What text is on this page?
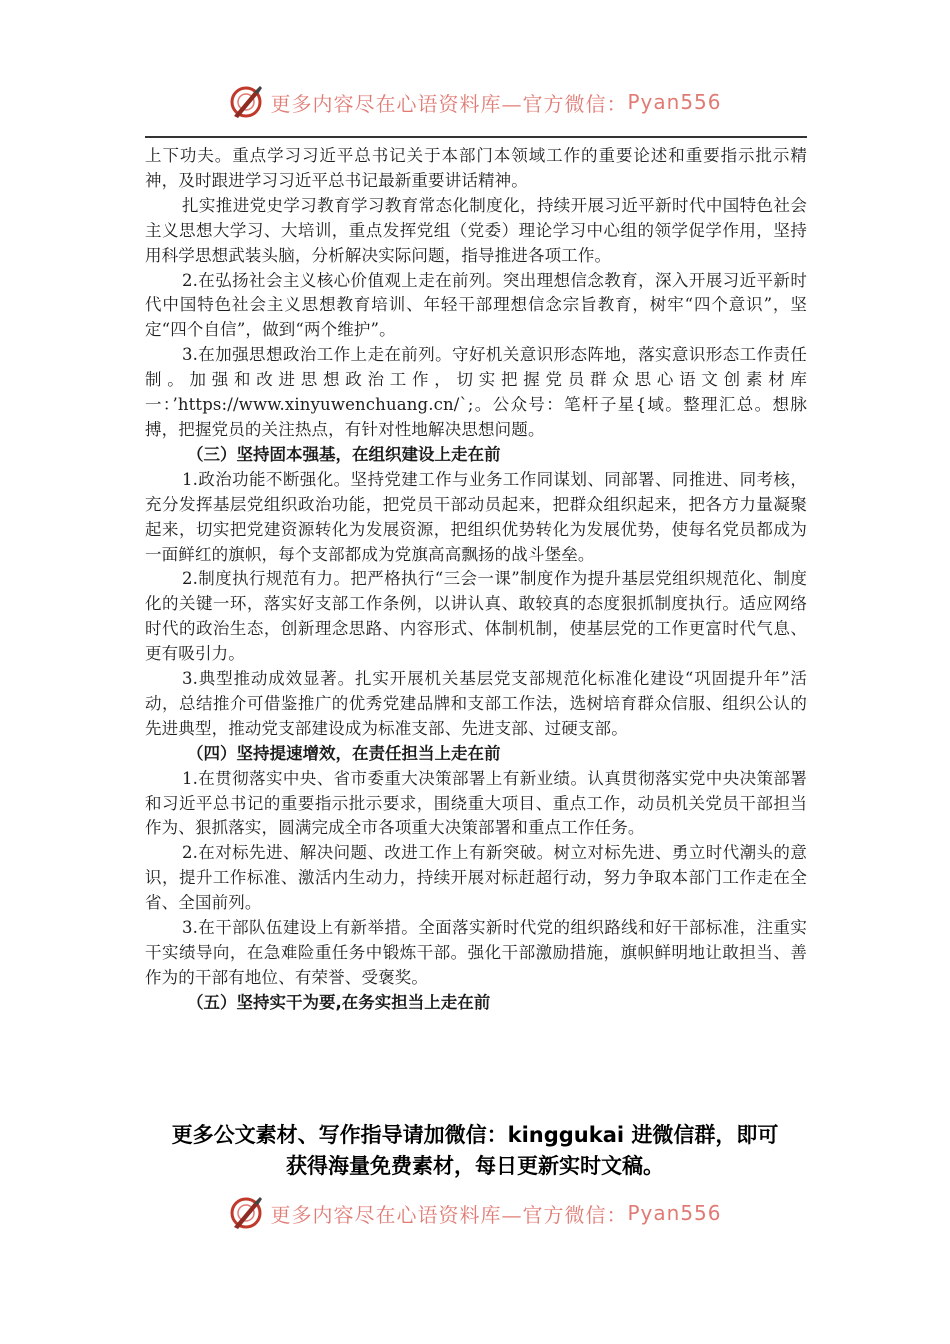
更多内容尽在心语资料库—官方微信： Pyan556

上下功夫。重点学习习近平总书记关于本部门本领域工作的重要论述和重要指示批示精神，及时跟进学习习近平总书记最新重要讲话精神。

扎实推进党史学习教育学习教育常态化制度化，持续开展习近平新时代中国特色社会主义思想大学习、大培训，重点发挥党组（党委）理论学习中心组的领学促学作用，坚持用科学思想武装头脑，分析解决实际问题，指导推进各项工作。

2.在弘扬社会主义核心价值观上走在前列。突出理想信念教育，深入开展习近平新时代中国特色社会主义思想教育培训、年轻干部理想信念宗旨教育，树牢“四个意识”，坚定“四个自信”，做到“两个维护”。

3.在加强思想政治工作上走在前列。守好机关意识形态阵地，落实意识形态工作责任制。加强和改进思想政治工作，切实把握党员群众思心语文创素材库一：’https://www.xinyuwenchuang.cn/`;。公众号：笔杆子星{域。整理汇总。想脉搏，把握党员的关注热点，有针对性地解决思想问题。

（三）坚持固本强基，在组织建设上走在前

1.政治功能不断强化。坚持党建工作与业务工作同谋划、同部署、同推进、同考核，充分发挥基层党组织政治功能，把党员干部动员起来，把群众组织起来，把各方力量凝聚起来，切实把党建资源转化为发展资源，把组织优势转化为发展优势，使每名党员都成为一面鲜红的旗帜，每个支部都成为党旗高高飘扬的战斗堡垒。

2.制度执行规范有力。把严格执行“三会一课”制度作为提升基层党组织规范化、制度化的关键一环，落实好支部工作条例，以讲认真、敢较真的态度狠抓制度执行。适应网络时代的政治生态，创新理念思路、内容形式、体制机制，使基层党的工作更富时代气息、更有吸引力。

3.典型推动成效显著。扎实开展机关基层党支部规范化标准化建设“巩固提升年”活动，总结推介可借鉴推广的优秀党建品牌和支部工作法，选树培育群众信服、组织公认的先进典型，推动党支部建设成为标准支部、先进支部、过硬支部。

（四）坚持提速增效，在责任担当上走在前

1.在贯彻落实中央、省市委重大决策部署上有新业绩。认真贯彻落实党中央决策部署和习近平总书记的重要指示批示要求，围绕重大项目、重点工作，动员机关党员干部担当作为、狠抓落实，圆满完成全市各项重大决策部署和重点工作任务。

2.在对标先进、解决问题、改进工作上有新突破。树立对标先进、勇立时代潮头的意识，提升工作标准、激活内生动力，持续开展对标赶超行动，努力争取本部门工作走在全省、全国前列。

3.在干部队伍建设上有新举措。全面落实新时代党的组织路线和好干部标准，注重实干实绩导向，在急难险重任务中锻炼干部。强化干部激励措施，旗帜鲜明地让敢担当、善作为的干部有地位、有荣誉、受褒奖。

（五）坚持实干为要,在务实担当上走在前

更多公文素材、写作指导请加微信：kinggukai 进微信群，即可
获得海量免费素材，每日更新实时文稿。
更多内容尽在心语资料库—官方微信： Pyan556
